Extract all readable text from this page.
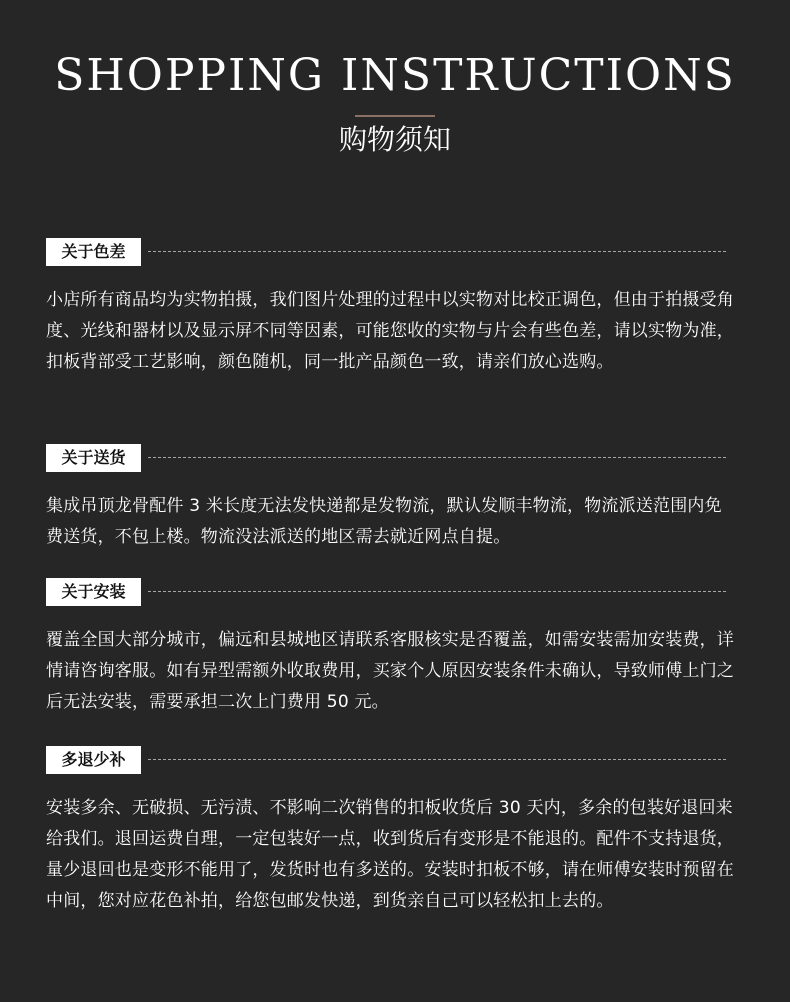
SHOPPING INSTRUCTIONS
购物须知
关于色差

小店所有商品均为实物拍摄，我们图片处理的过程中以实物对比校正调色，但由于拍摄受角度、光线和器材以及显示屏不同等因素，可能您收的实物与片会有些色差，请以实物为准，扣板背部受工艺影响，颜色随机，同一批产品颜色一致，请亲们放心选购。

关于送货

集成吊顶龙骨配件 3 米长度无法发快递都是发物流，默认发顺丰物流，物流派送范围内免费送货，不包上楼。物流没法派送的地区需去就近网点自提。

关于安装

覆盖全国大部分城市，偏远和县城地区请联系客服核实是否覆盖，如需安装需加安装费，详情请咨询客服。如有异型需额外收取费用，买家个人原因安装条件未确认，导致师傅上门之后无法安装，需要承担二次上门费用 50 元。

多退少补

安装多余、无破损、无污渍、不影响二次销售的扣板收货后 30 天内，多余的包装好退回来给我们。退回运费自理，一定包装好一点，收到货后有变形是不能退的。配件不支持退货，量少退回也是变形不能用了，发货时也有多送的。安装时扣板不够，请在师傅安装时预留在中间，您对应花色补拍，给您包邮发快递，到货亲自己可以轻松扣上去的。
